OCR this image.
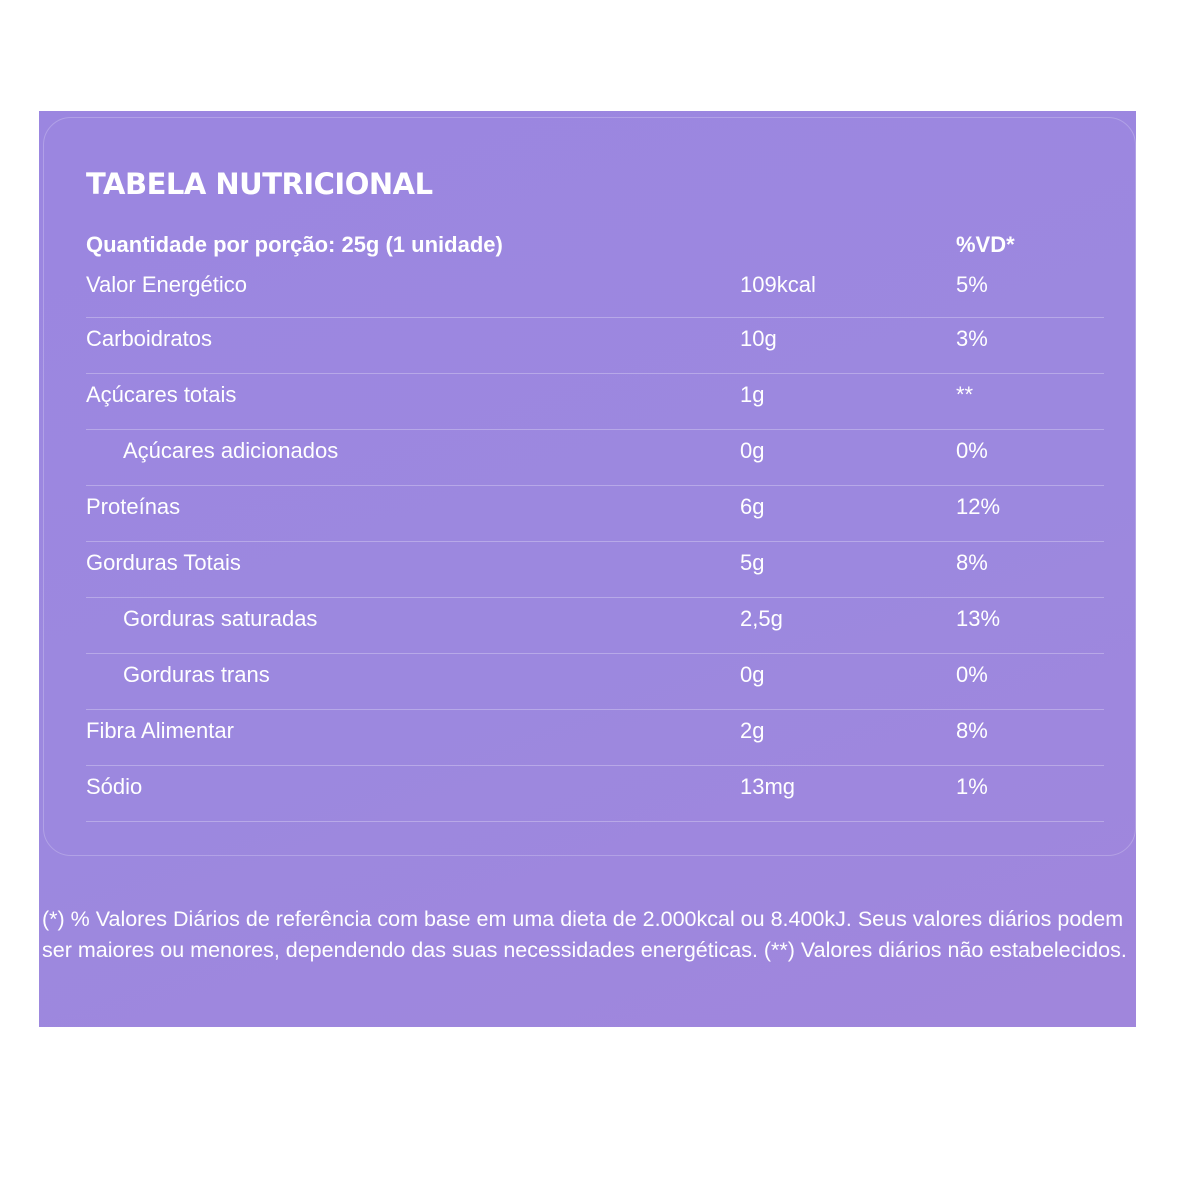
TABELA NUTRICIONAL
Quantidade por porção: 25g (1 unidade)	%VD*
Valor Energético	109kcal	5%
Carboidratos	10g	3%
Açúcares totais	1g	**
Açúcares adicionados	0g	0%
Proteínas	6g	12%
Gorduras Totais	5g	8%
Gorduras saturadas	2,5g	13%
Gorduras trans	0g	0%
Fibra Alimentar	2g	8%
Sódio	13mg	1%

(*) % Valores Diários de referência com base em uma dieta de 2.000kcal ou 8.400kJ. Seus valores diários podem ser maiores ou menores, dependendo das suas necessidades energéticas. (**) Valores diários não estabelecidos.
